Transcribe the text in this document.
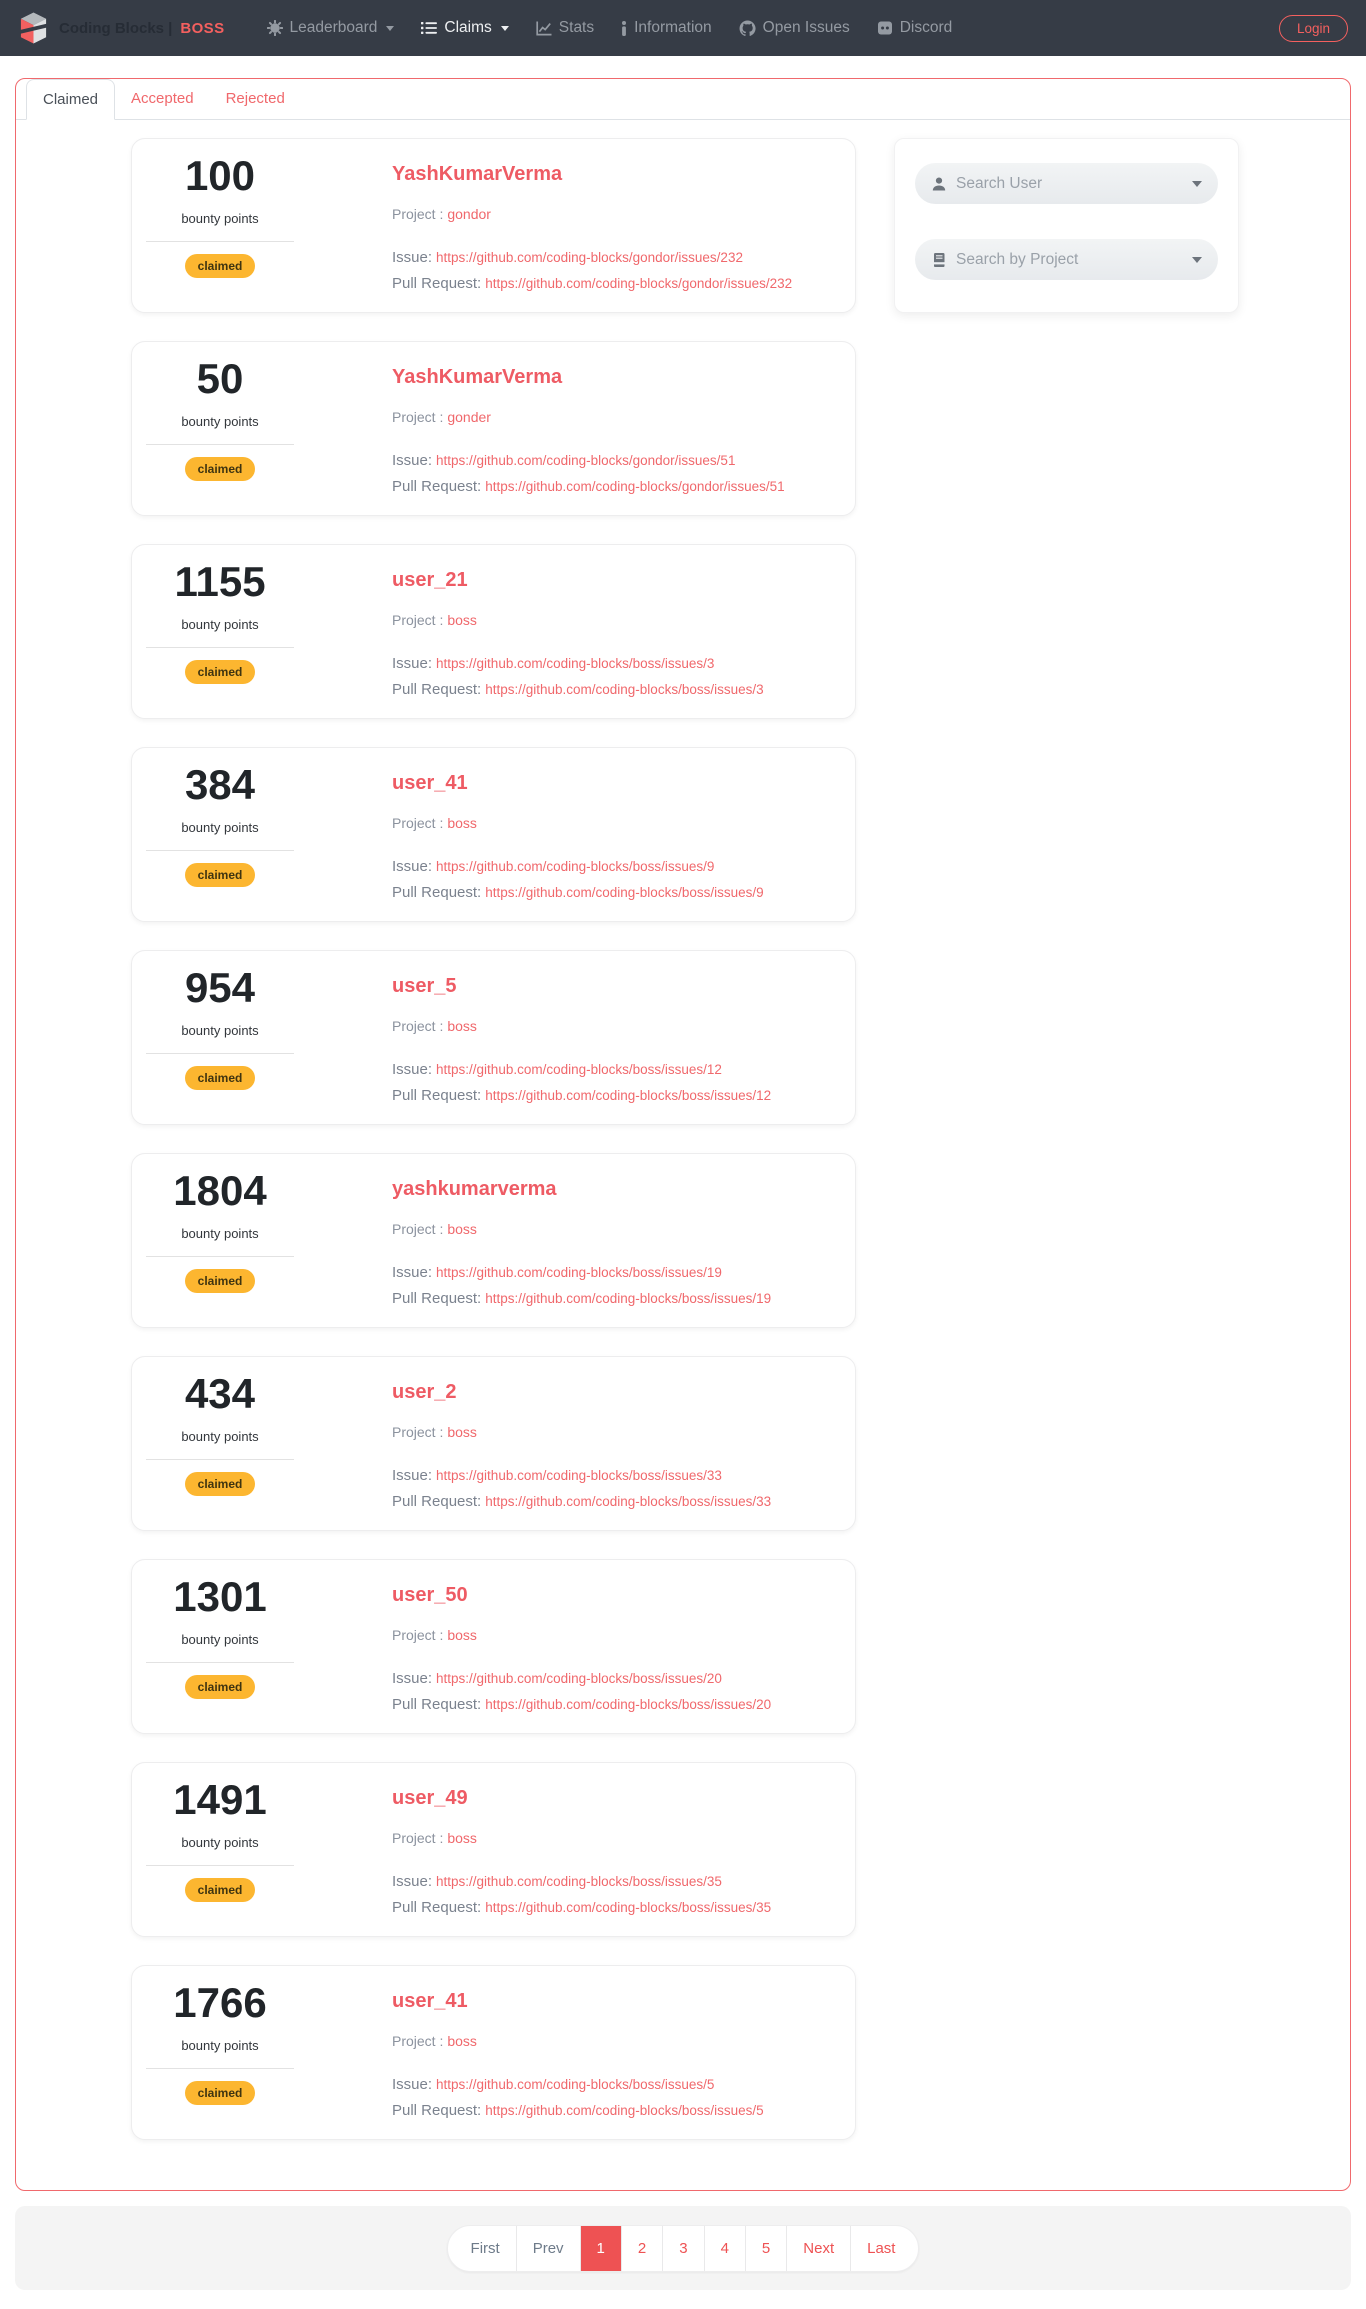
Coding Blocks | BOSS	Leaderboard	Claims	Stats	Information	Open Issues	Discord	Login
Claimed	Accepted	Rejected
100
bounty points
claimed
YashKumarVerma
Project : gondor
Issue: https://github.com/coding-blocks/gondor/issues/232
Pull Request: https://github.com/coding-blocks/gondor/issues/232
50
bounty points
claimed
YashKumarVerma
Project : gonder
Issue: https://github.com/coding-blocks/gondor/issues/51
Pull Request: https://github.com/coding-blocks/gondor/issues/51
1155
bounty points
claimed
user_21
Project : boss
Issue: https://github.com/coding-blocks/boss/issues/3
Pull Request: https://github.com/coding-blocks/boss/issues/3
384
bounty points
claimed
user_41
Project : boss
Issue: https://github.com/coding-blocks/boss/issues/9
Pull Request: https://github.com/coding-blocks/boss/issues/9
954
bounty points
claimed
user_5
Project : boss
Issue: https://github.com/coding-blocks/boss/issues/12
Pull Request: https://github.com/coding-blocks/boss/issues/12
1804
bounty points
claimed
yashkumarverma
Project : boss
Issue: https://github.com/coding-blocks/boss/issues/19
Pull Request: https://github.com/coding-blocks/boss/issues/19
434
bounty points
claimed
user_2
Project : boss
Issue: https://github.com/coding-blocks/boss/issues/33
Pull Request: https://github.com/coding-blocks/boss/issues/33
1301
bounty points
claimed
user_50
Project : boss
Issue: https://github.com/coding-blocks/boss/issues/20
Pull Request: https://github.com/coding-blocks/boss/issues/20
1491
bounty points
claimed
user_49
Project : boss
Issue: https://github.com/coding-blocks/boss/issues/35
Pull Request: https://github.com/coding-blocks/boss/issues/35
1766
bounty points
claimed
user_41
Project : boss
Issue: https://github.com/coding-blocks/boss/issues/5
Pull Request: https://github.com/coding-blocks/boss/issues/5
Search User
Search by Project
First	Prev	1	2	3	4	5	Next	Last
